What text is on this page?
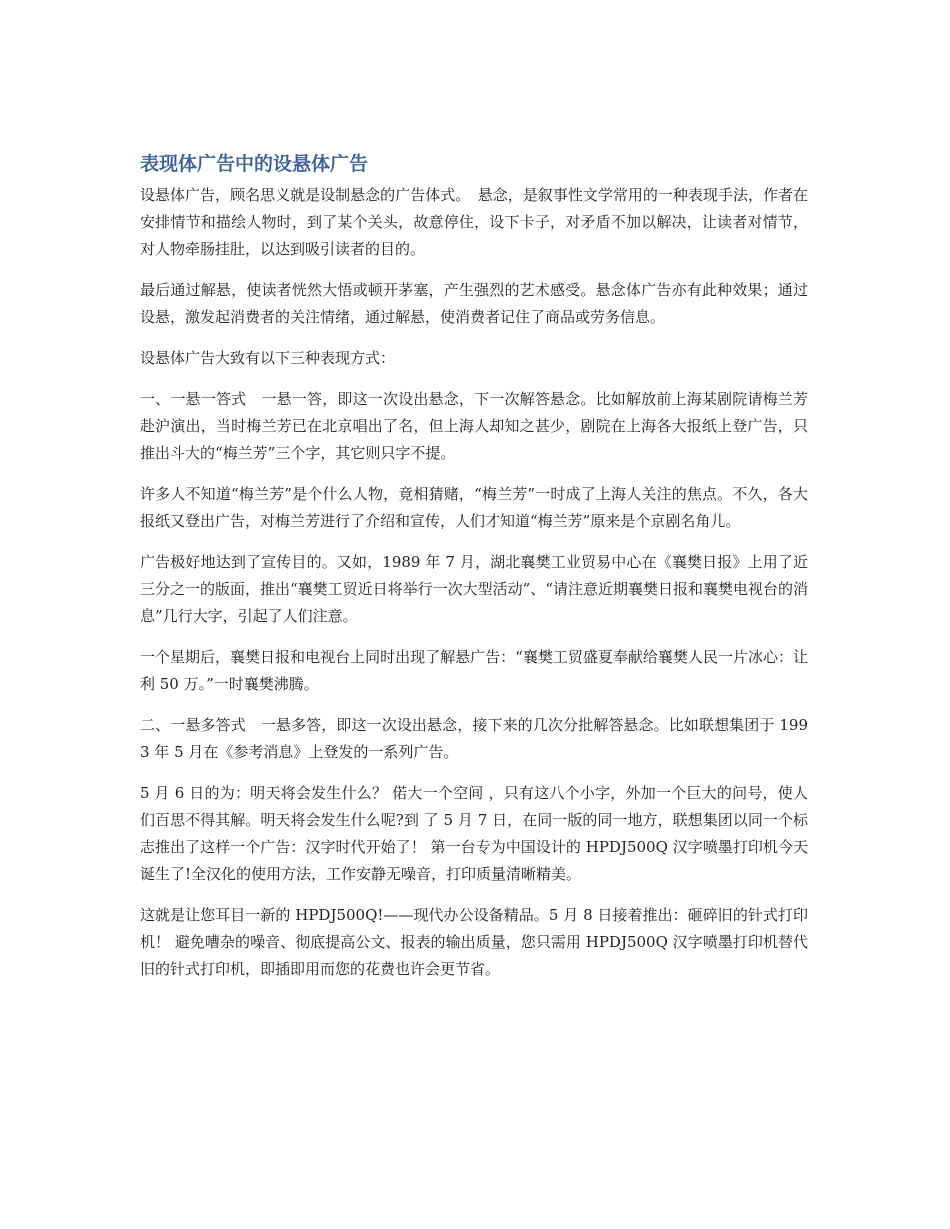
表现体广告中的设悬体广告

设悬体广告，顾名思义就是设制悬念的广告体式。　悬念，是叙事性文学常用的一种表现手法，作者在安排情节和描绘人物时，到了某个关头，故意停住，设下卡子，对矛盾不加以解决，让读者对情节，对人物牵肠挂肚，以达到吸引读者的目的。

最后通过解悬，使读者恍然大悟或顿开茅塞，产生强烈的艺术感受。悬念体广告亦有此种效果；通过设悬，激发起消费者的关注情绪，通过解悬，使消费者记住了商品或劳务信息。

设悬体广告大致有以下三种表现方式：

一、一悬一答式　一悬一答，即这一次设出悬念，下一次解答悬念。比如解放前上海某剧院请梅兰芳赴沪演出，当时梅兰芳已在北京唱出了名，但上海人却知之甚少，剧院在上海各大报纸上登广告，只推出斗大的“梅兰芳”三个字，其它则只字不提。

许多人不知道“梅兰芳”是个什么人物，竟相猜赌，“梅兰芳”一时成了上海人关注的焦点。不久，各大报纸又登出广告，对梅兰芳进行了介绍和宣传，人们才知道“梅兰芳”原来是个京剧名角儿。

广告极好地达到了宣传目的。又如，1989 年 7 月，湖北襄樊工业贸易中心在《襄樊日报》上用了近三分之一的版面，推出“襄樊工贸近日将举行一次大型活动”、“请注意近期襄樊日报和襄樊电视台的消息”几行大字，引起了人们注意。

一个星期后，襄樊日报和电视台上同时出现了解悬广告：“襄樊工贸盛夏奉献给襄樊人民一片冰心：让利 50 万。”一时襄樊沸腾。

二、一悬多答式　一悬多答，即这一次设出悬念，接下来的几次分批解答悬念。比如联想集团于 1993 年 5 月在《参考消息》上登发的一系列广告。

5 月 6 日的为：明天将会发生什么？ 偌大一个空间 ，只有这八个小字，外加一个巨大的问号，使人们百思不得其解。明天将会发生什么呢?到 了 5 月 7 日，在同一版的同一地方，联想集团以同一个标志推出了这样一个广告：汉字时代开始了！ 第一台专为中国设计的 HPDJ500Q 汉字喷墨打印机今天诞生了!全汉化的使用方法，工作安静无噪音，打印质量清晰精美。

这就是让您耳目一新的 HPDJ500Q!——现代办公设备精品。5 月 8 日接着推出：砸碎旧的针式打印机！ 避免嘈杂的噪音、彻底提高公文、报表的输出质量，您只需用 HPDJ500Q 汉字喷墨打印机替代旧的针式打印机，即插即用而您的花费也许会更节省。
